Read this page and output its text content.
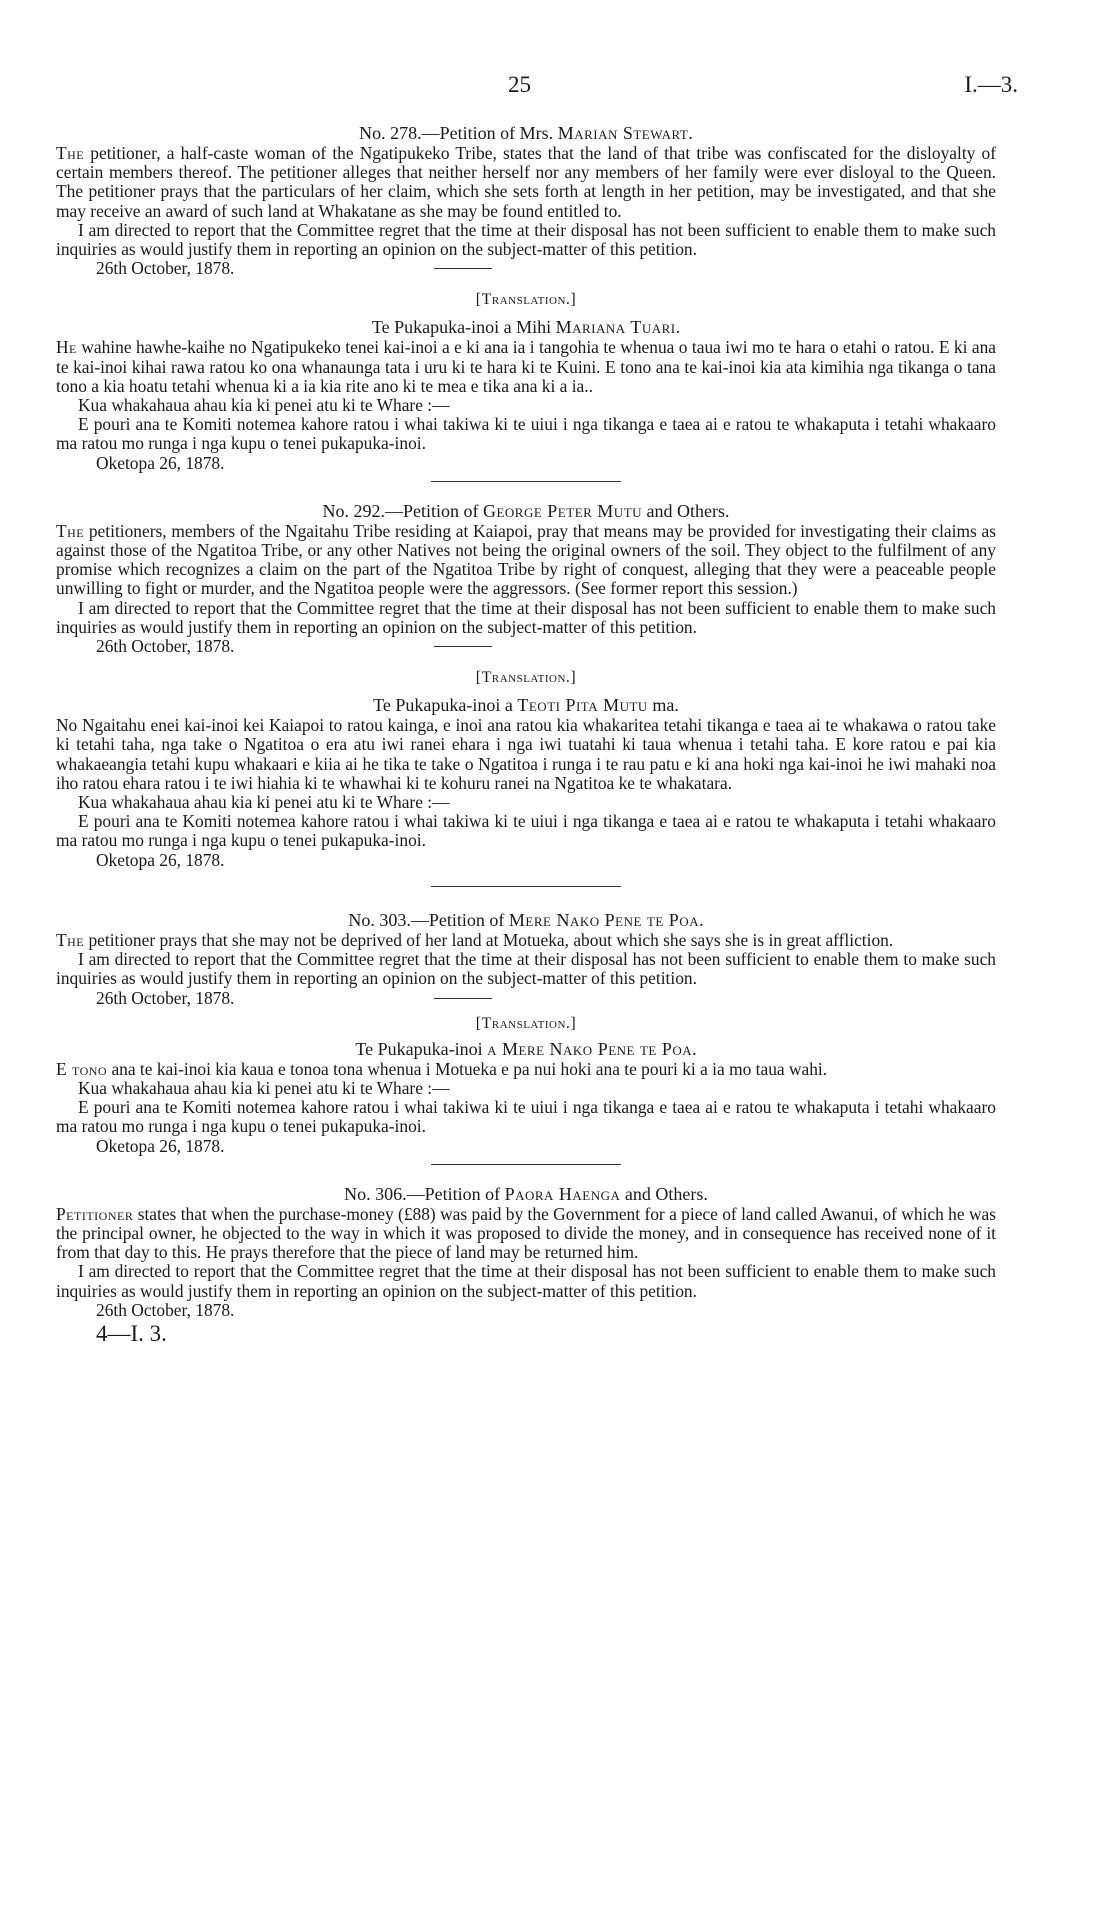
25	I.—3.

No. 278.—Petition of Mrs. Marian Stewart.

The petitioner, a half-caste woman of the Ngatipukeko Tribe, states that the land of that tribe was confiscated for the disloyalty of certain members thereof. The petitioner alleges that neither herself nor any members of her family were ever disloyal to the Queen. The petitioner prays that the particulars of her claim, which she sets forth at length in her petition, may be investigated, and that she may receive an award of such land at Whakatane as she may be found entitled to.

I am directed to report that the Committee regret that the time at their disposal has not been sufficient to enable them to make such inquiries as would justify them in reporting an opinion on the subject-matter of this petition.

26th October, 1878.

[Translation.]

Te Pukapuka-inoi a Mihi Mariana Tuari.

He wahine hawhe-kaihe no Ngatipukeko tenei kai-inoi a e ki ana ia i tangohia te whenua o taua iwi mo te hara o etahi o ratou. E ki ana te kai-inoi kihai rawa ratou ko ona whanaunga tata i uru ki te hara ki te Kuini. E tono ana te kai-inoi kia ata kimihia nga tikanga o tana tono a kia hoatu tetahi whenua ki a ia kia rite ano ki te mea e tika ana ki a ia..

Kua whakahaua ahau kia ki penei atu ki te Whare :—

E pouri ana te Komiti notemea kahore ratou i whai takiwa ki te uiui i nga tikanga e taea ai e ratou te whakaputa i tetahi whakaaro ma ratou mo runga i nga kupu o tenei pukapuka-inoi.

Oketopa 26, 1878.

No. 292.—Petition of George Peter Mutu and Others.

The petitioners, members of the Ngaitahu Tribe residing at Kaiapoi, pray that means may be provided for investigating their claims as against those of the Ngatitoa Tribe, or any other Natives not being the original owners of the soil. They object to the fulfilment of any promise which recognizes a claim on the part of the Ngatitoa Tribe by right of conquest, alleging that they were a peaceable people unwilling to fight or murder, and the Ngatitoa people were the aggressors. (See former report this session.)

I am directed to report that the Committee regret that the time at their disposal has not been sufficient to enable them to make such inquiries as would justify them in reporting an opinion on the subject-matter of this petition.

26th October, 1878.

[Translation.]

Te Pukapuka-inoi a Teoti Pita Mutu ma.

No Ngaitahu enei kai-inoi kei Kaiapoi to ratou kainga, e inoi ana ratou kia whakaritea tetahi tikanga e taea ai te whakawa o ratou take ki tetahi taha, nga take o Ngatitoa o era atu iwi ranei ehara i nga iwi tuatahi ki taua whenua i tetahi taha. E kore ratou e pai kia whakaeangia tetahi kupu whakaari e kiia ai he tika te take o Ngatitoa i runga i te rau patu e ki ana hoki nga kai-inoi he iwi mahaki noa iho ratou ehara ratou i te iwi hiahia ki te whawhai ki te kohuru ranei na Ngatitoa ke te whakatara.

Kua whakahaua ahau kia ki penei atu ki te Whare :—

E pouri ana te Komiti notemea kahore ratou i whai takiwa ki te uiui i nga tikanga e taea ai e ratou te whakaputa i tetahi whakaaro ma ratou mo runga i nga kupu o tenei pukapuka-inoi.

Oketopa 26, 1878.

No. 303.—Petition of Mere Nako Pene te Poa.

The petitioner prays that she may not be deprived of her land at Motueka, about which she says she is in great affliction.

I am directed to report that the Committee regret that the time at their disposal has not been sufficient to enable them to make such inquiries as would justify them in reporting an opinion on the subject-matter of this petition.

26th October, 1878.

[Translation.]

Te Pukapuka-inoi a Mere Nako Pene te Poa.

E tono ana te kai-inoi kia kaua e tonoa tona whenua i Motueka e pa nui hoki ana te pouri ki a ia mo taua wahi.

Kua whakahaua ahau kia ki penei atu ki te Whare :—

E pouri ana te Komiti notemea kahore ratou i whai takiwa ki te uiui i nga tikanga e taea ai e ratou te whakaputa i tetahi whakaaro ma ratou mo runga i nga kupu o tenei pukapuka-inoi.

Oketopa 26, 1878.

No. 306.—Petition of Paora Haenga and Others.

Petitioner states that when the purchase-money (£88) was paid by the Government for a piece of land called Awanui, of which he was the principal owner, he objected to the way in which it was proposed to divide the money, and in consequence has received none of it from that day to this. He prays therefore that the piece of land may be returned him.

I am directed to report that the Committee regret that the time at their disposal has not been sufficient to enable them to make such inquiries as would justify them in reporting an opinion on the subject-matter of this petition.

26th October, 1878.

4—I. 3.
